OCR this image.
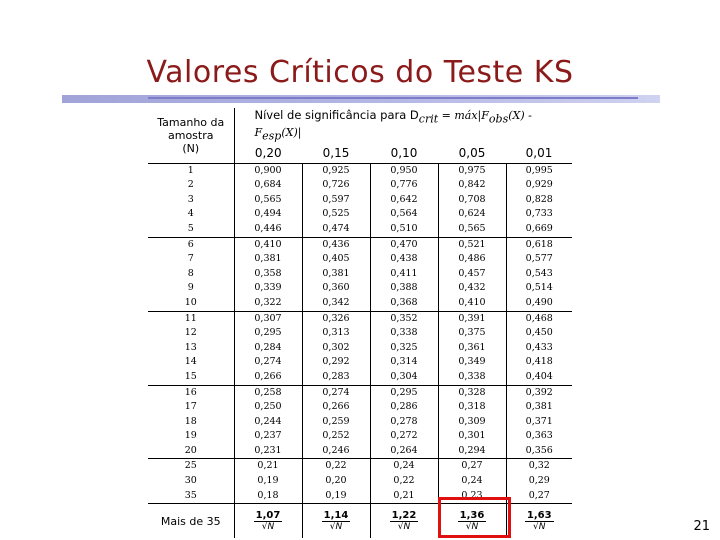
Valores Críticos do Teste KS
Tamanho da
amostra
(N)	Nível de significância para $D_{crit}$ = $máx|F_{obs}(X) - F_{esp}(X)|$				
	0,20	0,15	0,10	0,05	0,01
1	0,900	0,925	0,950	0,975	0,995
2	0,684	0,726	0,776	0,842	0,929
3	0,565	0,597	0,642	0,708	0,828
4	0,494	0,525	0,564	0,624	0,733
5	0,446	0,474	0,510	0,565	0,669
6	0,410	0,436	0,470	0,521	0,618
7	0,381	0,405	0,438	0,486	0,577
8	0,358	0,381	0,411	0,457	0,543
9	0,339	0,360	0,388	0,432	0,514
10	0,322	0,342	0,368	0,410	0,490
11	0,307	0,326	0,352	0,391	0,468
12	0,295	0,313	0,338	0,375	0,450
13	0,284	0,302	0,325	0,361	0,433
14	0,274	0,292	0,314	0,349	0,418
15	0,266	0,283	0,304	0,338	0,404
16	0,258	0,274	0,295	0,328	0,392
17	0,250	0,266	0,286	0,318	0,381
18	0,244	0,259	0,278	0,309	0,371
19	0,237	0,252	0,272	0,301	0,363
20	0,231	0,246	0,264	0,294	0,356
25	0,21	0,22	0,24	0,27	0,32
30	0,19	0,20	0,22	0,24	0,29
35	0,18	0,19	0,21	0,23	0,27
Mais de 35	$\frac{1,07}{√N}$	$\frac{1,14}{√N}$	$\frac{1,22}{√N}$	$\frac{1,36}{√N}$	$\frac{1,63}{√N}$	21
